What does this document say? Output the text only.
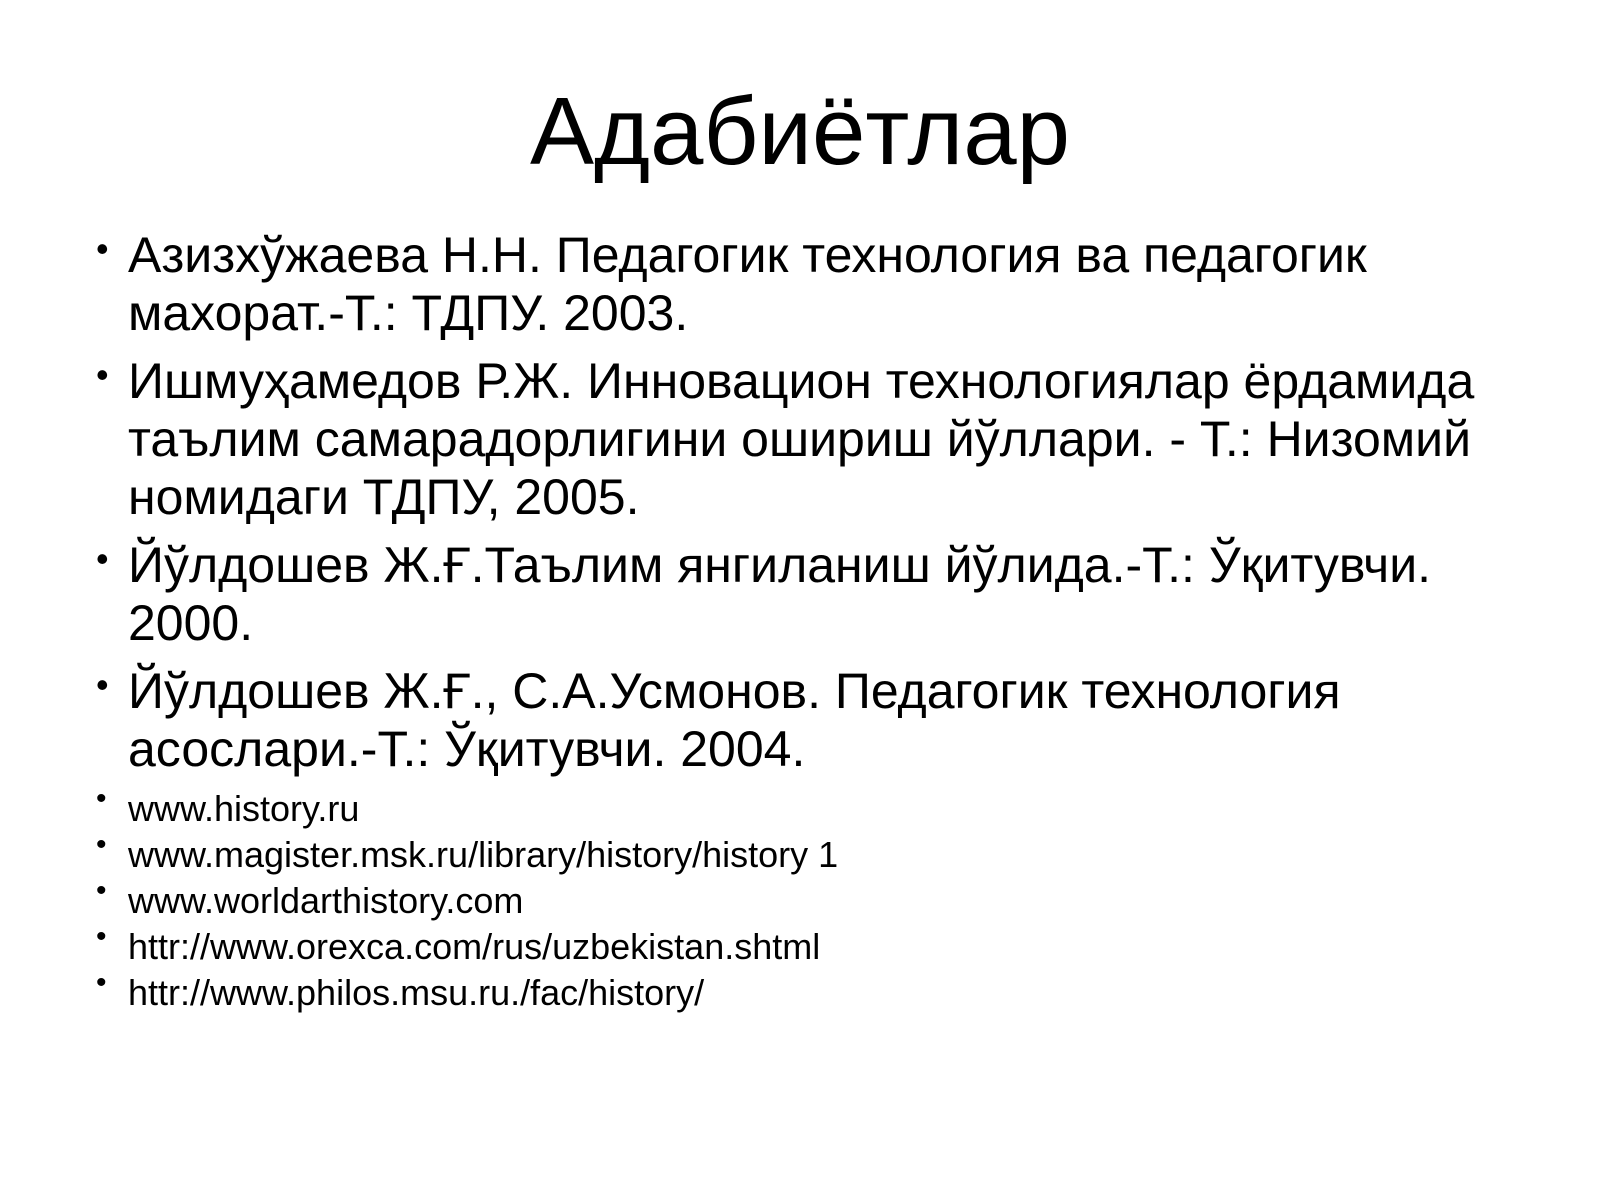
Адабиётлар
• Азизхўжаева Н.Н. Педагогик технология ва педагогик махорат.-Т.: ТДПУ. 2003.
• Ишмуҳамедов Р.Ж. Инновацион технологиялар ёрдамида таълим самарадорлигини ошириш йўллари. - Т.: Низомий номидаги ТДПУ, 2005.
• Йўлдошев Ж.Ғ.Таълим янгиланиш йўлида.-Т.: Ўқитувчи. 2000.
• Йўлдошев Ж.Ғ., С.А.Усмонов. Педагогик технология асослари.-Т.: Ўқитувчи. 2004.
• www.history.ru
• www.magister.msk.ru/library/history/history 1
• www.worldarthistory.com
• httr://www.orexca.com/rus/uzbekistan.shtml
• httr://www.philos.msu.ru./fac/history/
